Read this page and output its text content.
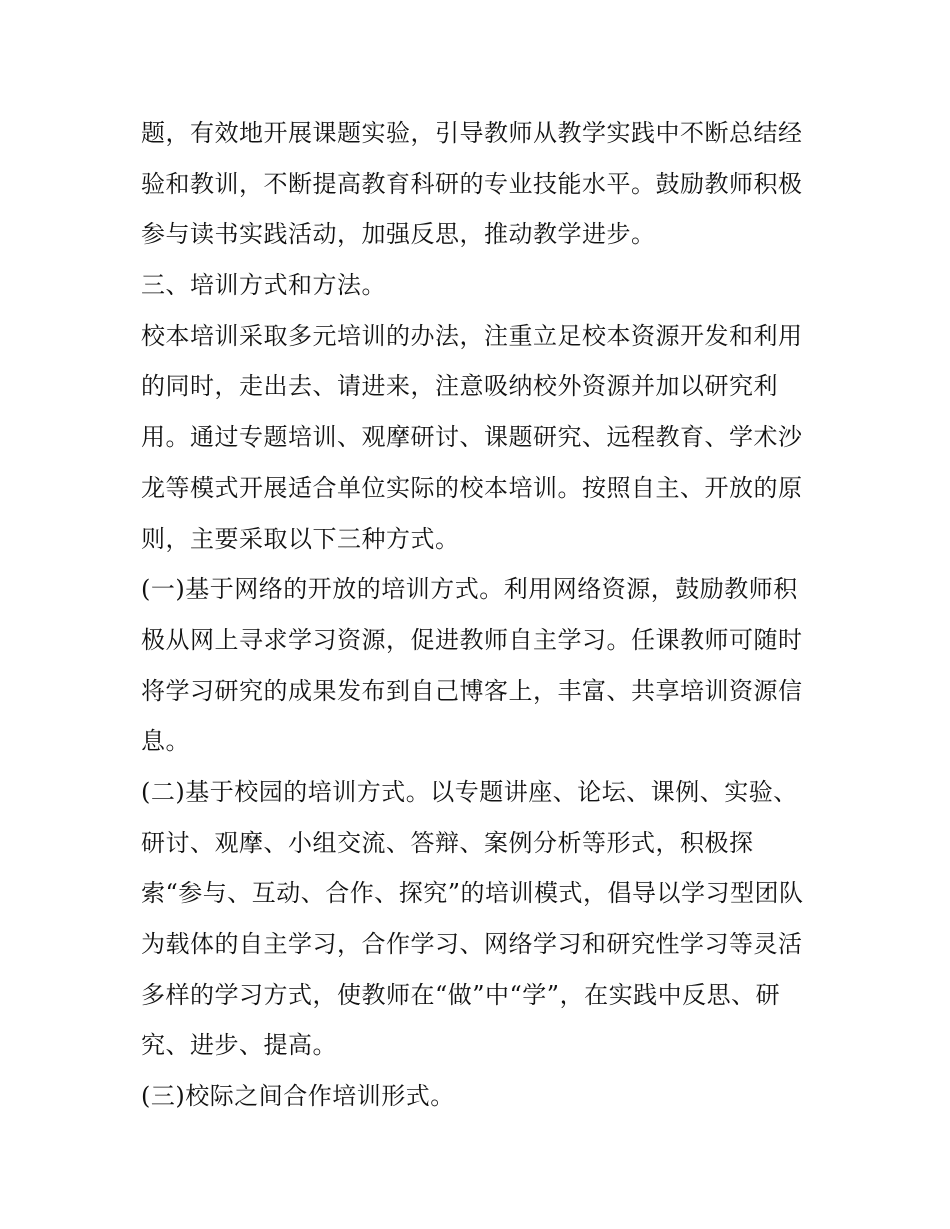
题，有效地开展课题实验，引导教师从教学实践中不断总结经
验和教训，不断提高教育科研的专业技能水平。鼓励教师积极
参与读书实践活动，加强反思，推动教学进步。
三、培训方式和方法。
校本培训采取多元培训的办法，注重立足校本资源开发和利用
的同时，走出去、请进来，注意吸纳校外资源并加以研究利
用。通过专题培训、观摩研讨、课题研究、远程教育、学术沙
龙等模式开展适合单位实际的校本培训。按照自主、开放的原
则，主要采取以下三种方式。
(一)基于网络的开放的培训方式。利用网络资源，鼓励教师积
极从网上寻求学习资源，促进教师自主学习。任课教师可随时
将学习研究的成果发布到自己博客上，丰富、共享培训资源信
息。
(二)基于校园的培训方式。以专题讲座、论坛、课例、实验、
研讨、观摩、小组交流、答辩、案例分析等形式，积极探
索“参与、互动、合作、探究”的培训模式，倡导以学习型团队
为载体的自主学习，合作学习、网络学习和研究性学习等灵活
多样的学习方式，使教师在“做”中“学”，在实践中反思、研
究、进步、提高。
(三)校际之间合作培训形式。
